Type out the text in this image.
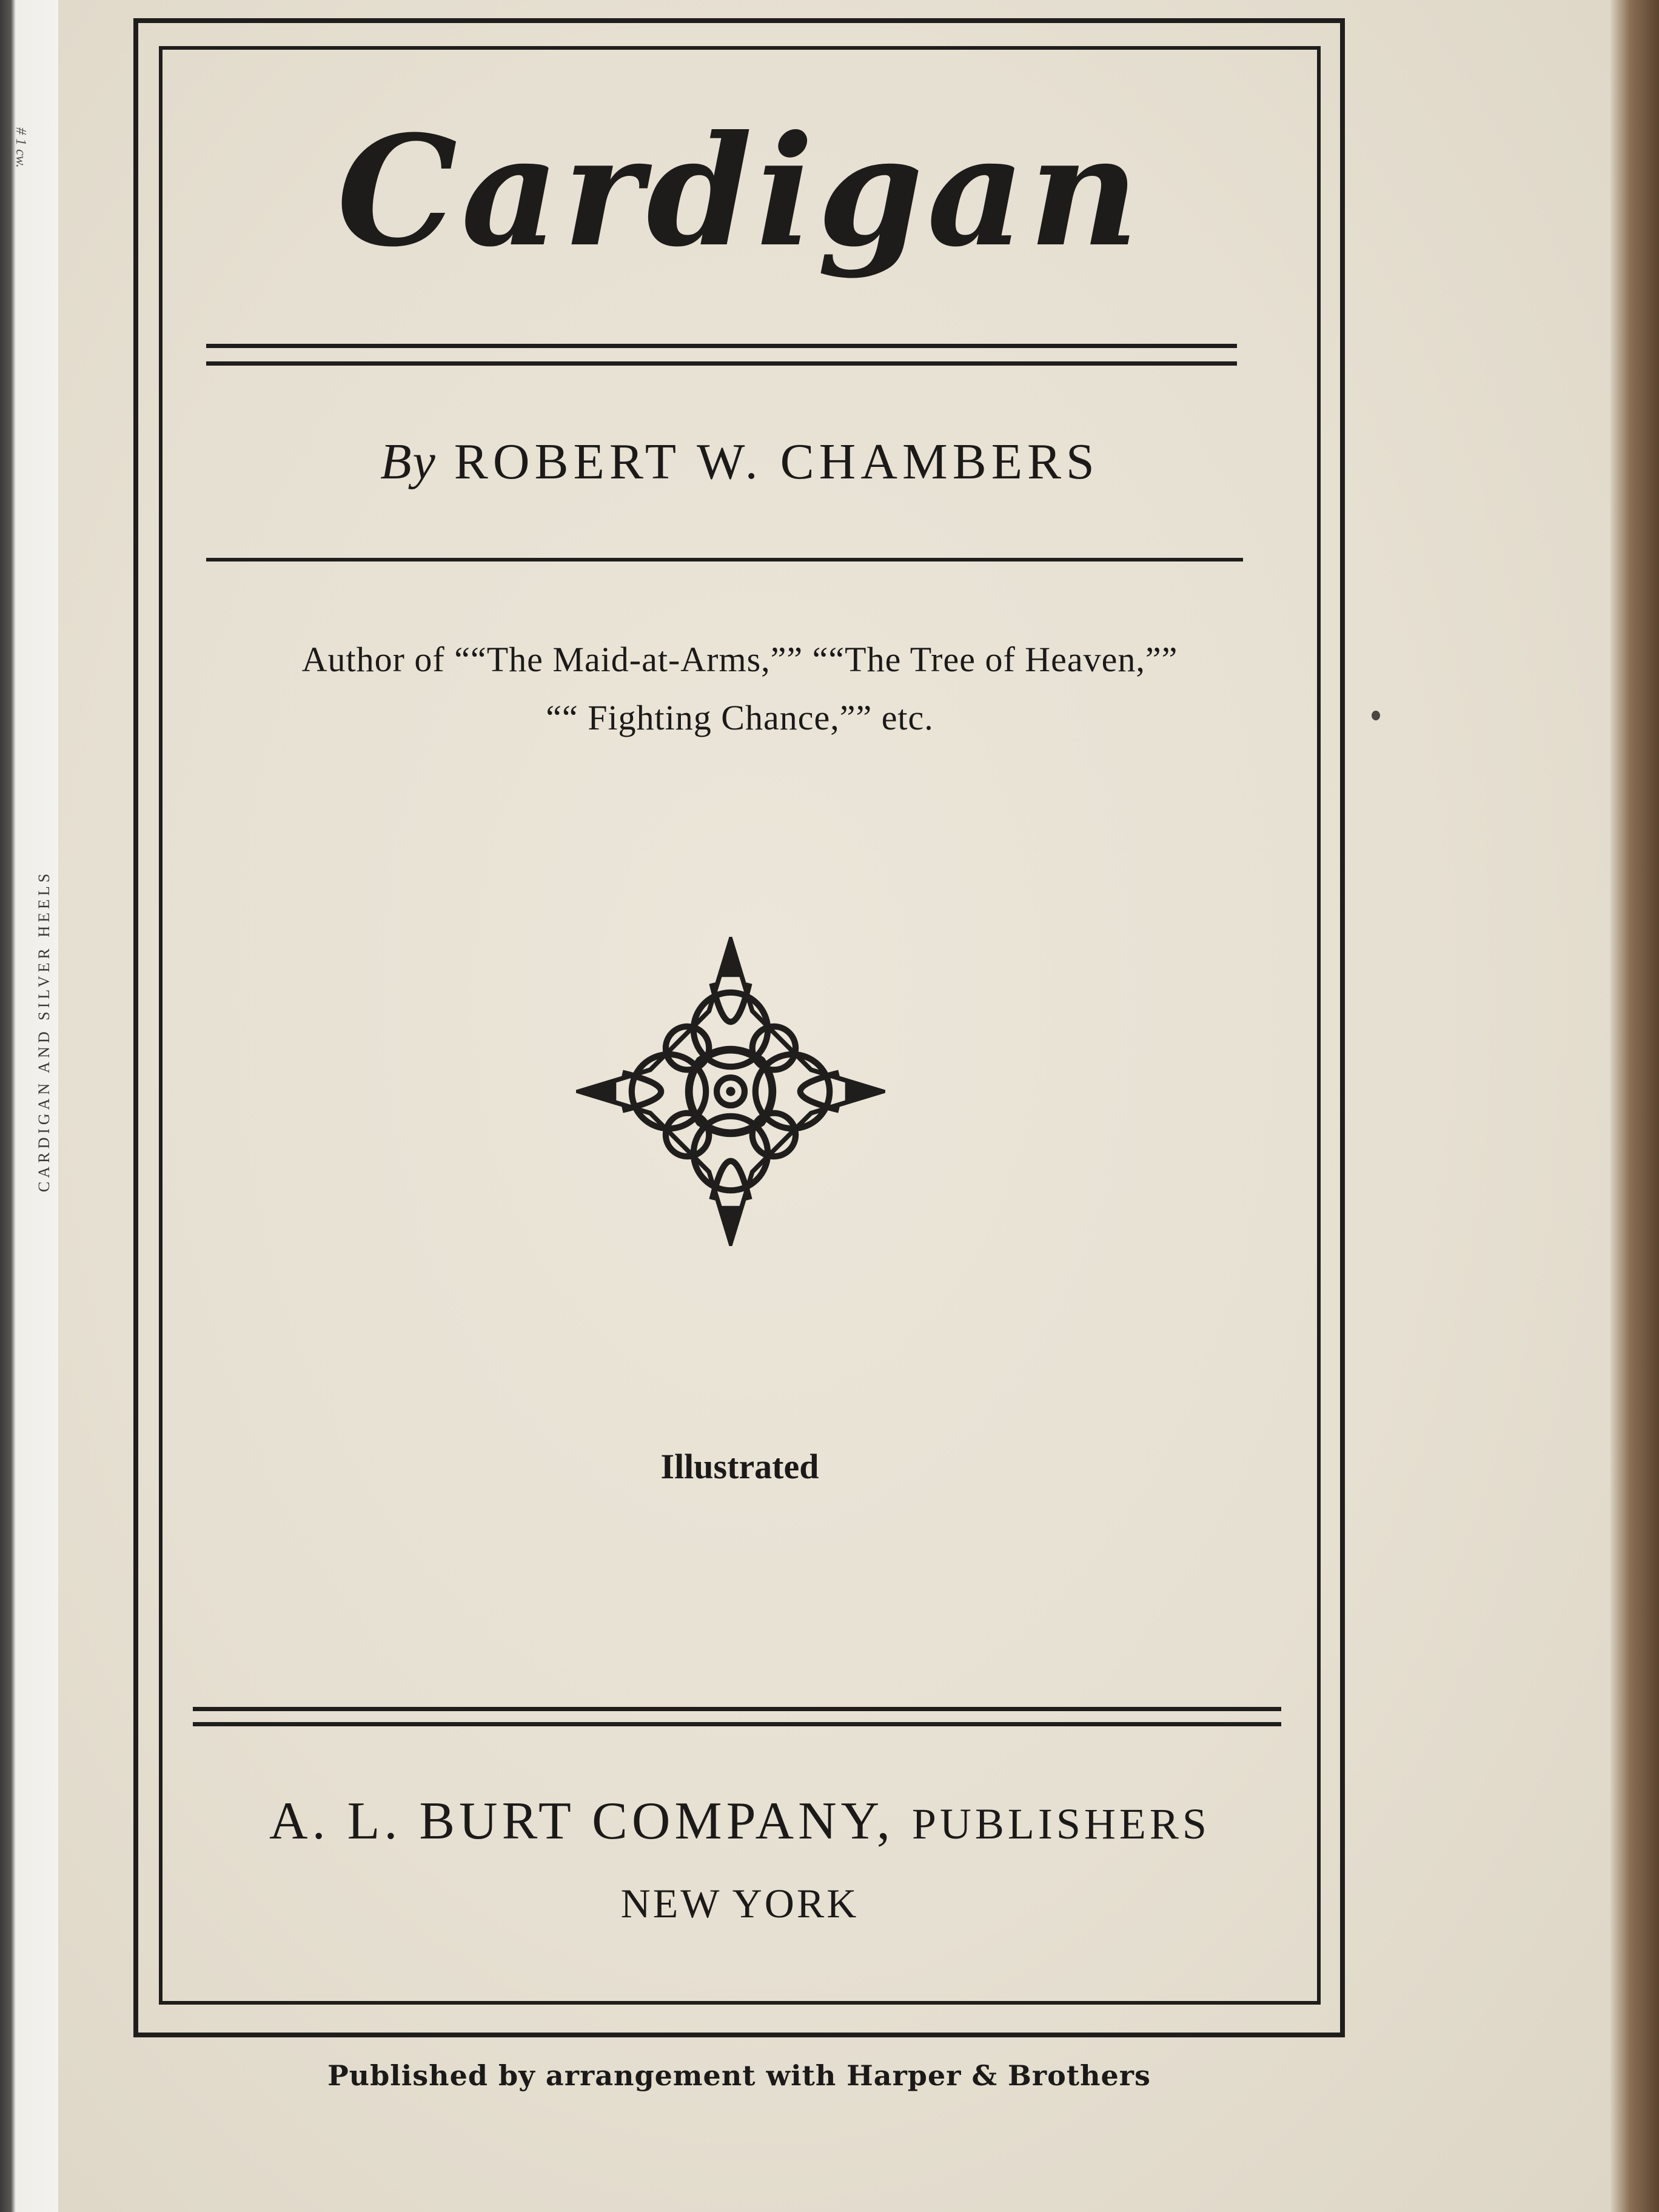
# 1 cw.
CARDIGAN AND SILVER HEELS
Cardigan
By ROBERT W. CHAMBERS
Author of ““The Maid-at-Arms,”” ““The Tree of Heaven,””
““ Fighting Chance,”” etc.
Illustrated
A. L. BURT COMPANY, PUBLISHERS
NEW YORK
Published by arrangement with Harper & Brothers
